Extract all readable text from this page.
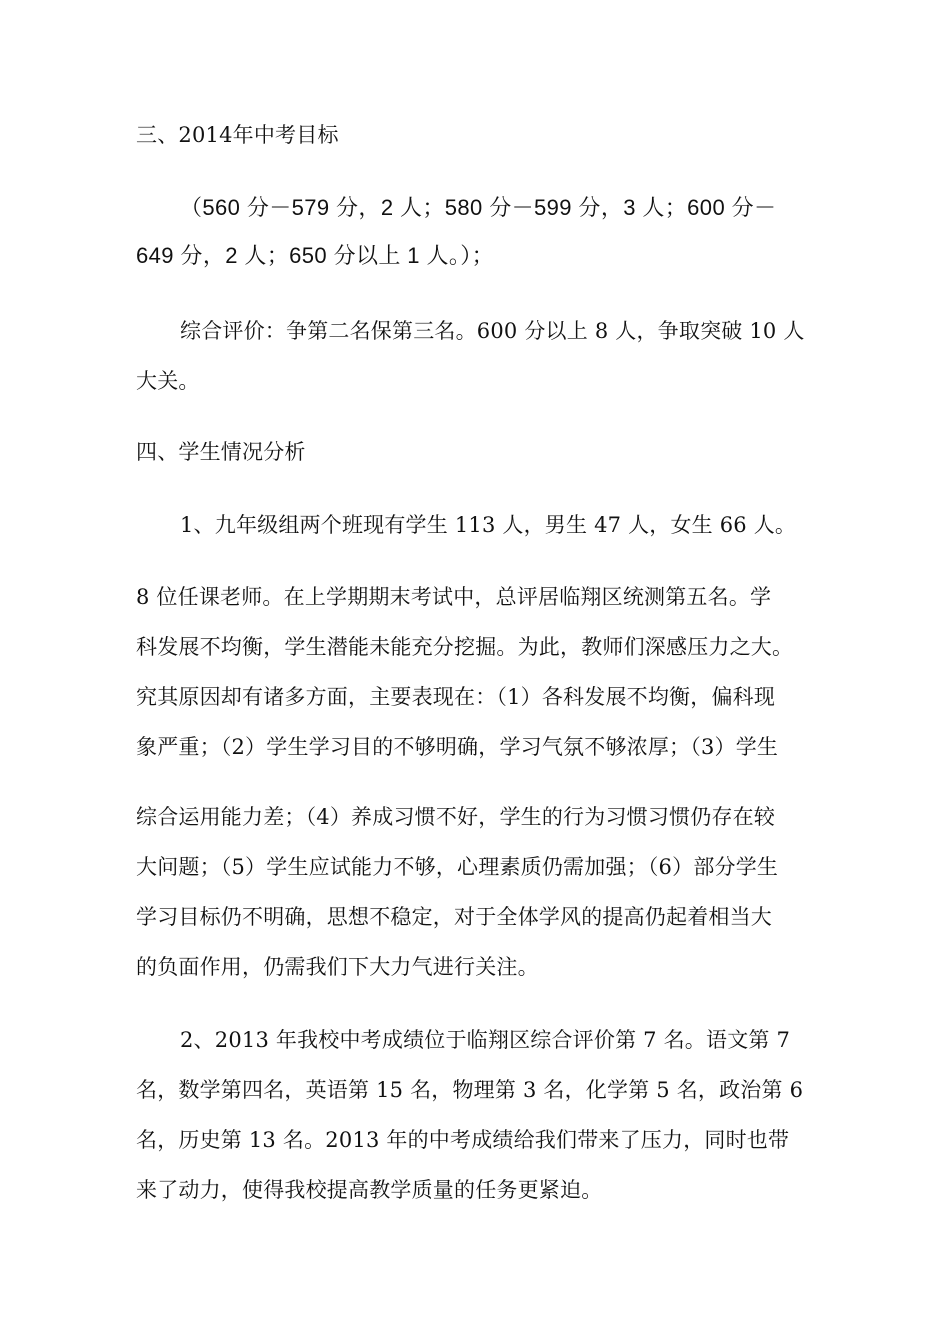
三、2014年中考目标
（560 分－579 分，2 人；580 分－599 分，3 人；600 分－
649 分，2 人；650 分以上 1 人。）；
综合评价：争第二名保第三名。600 分以上 8 人，争取突破 10 人
大关。
四、学生情况分析
1、九年级组两个班现有学生 113 人，男生 47 人，女生 66 人。
8 位任课老师。在上学期期末考试中，总评居临翔区统测第五名。学
科发展不均衡，学生潜能未能充分挖掘。为此，教师们深感压力之大。
究其原因却有诸多方面，主要表现在：（1）各科发展不均衡，偏科现
象严重；（2）学生学习目的不够明确，学习气氛不够浓厚；（3）学生
综合运用能力差；（4）养成习惯不好，学生的行为习惯习惯仍存在较
大问题；（5）学生应试能力不够，心理素质仍需加强；（6）部分学生
学习目标仍不明确，思想不稳定，对于全体学风的提高仍起着相当大
的负面作用，仍需我们下大力气进行关注。
2、2013 年我校中考成绩位于临翔区综合评价第 7 名。语文第 7
名，数学第四名，英语第 15 名，物理第 3 名，化学第 5 名，政治第 6
名，历史第 13 名。2013 年的中考成绩给我们带来了压力，同时也带
来了动力，使得我校提高教学质量的任务更紧迫。
